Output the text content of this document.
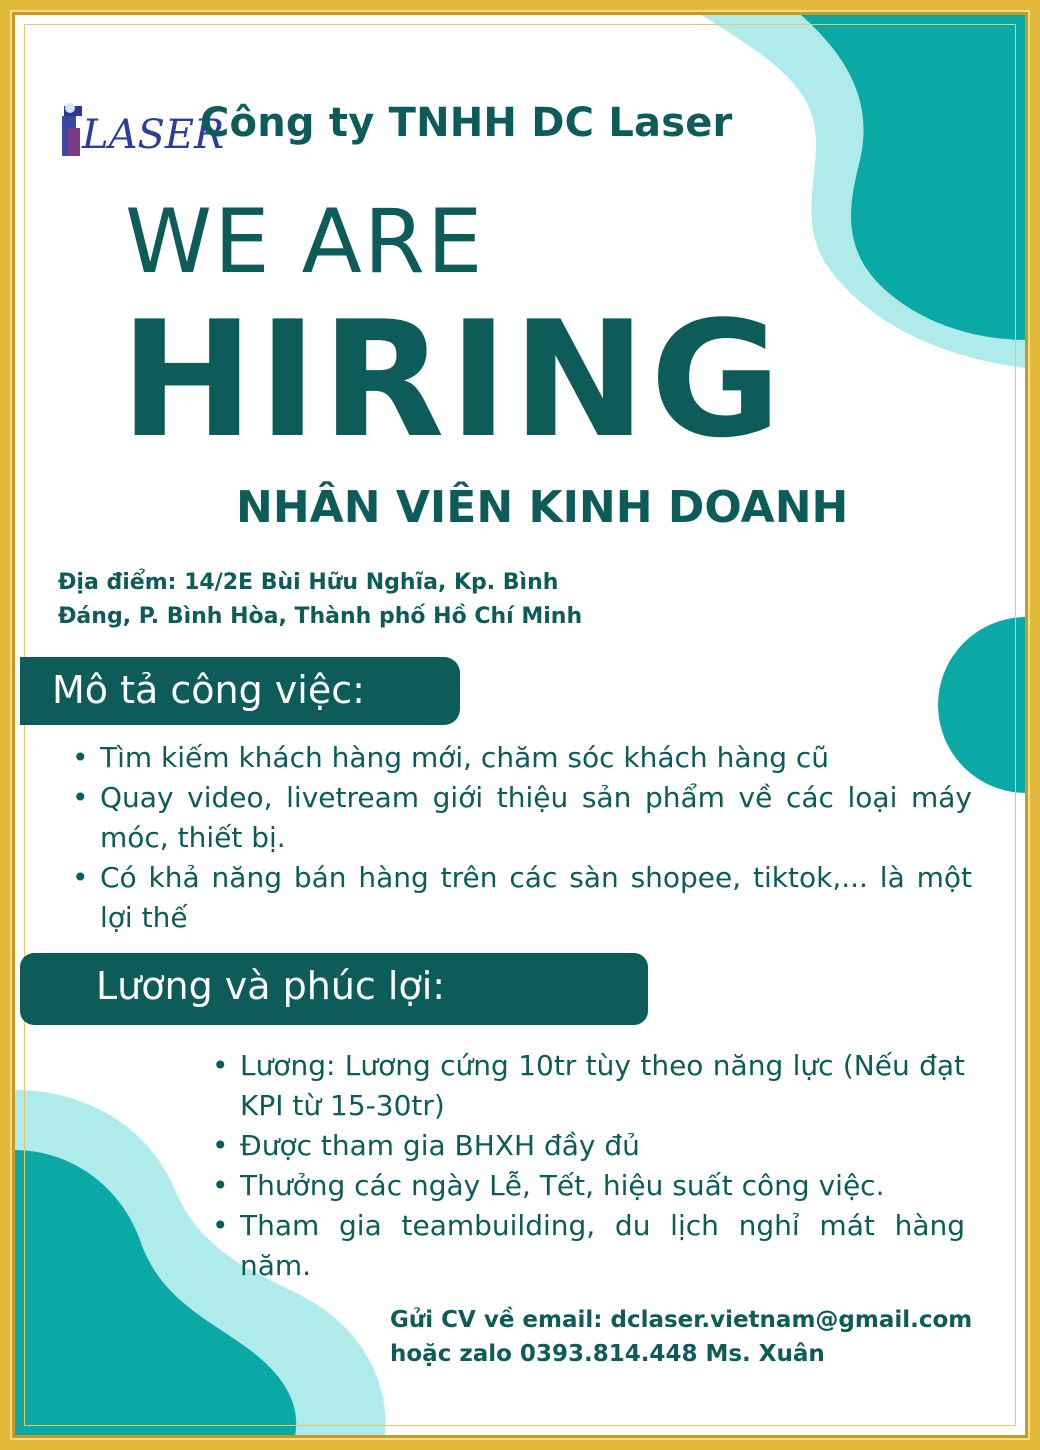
LASER
Công ty TNHH DC Laser
WE ARE
HIRING
NHÂN VIÊN KINH DOANH
Địa điểm: 14/2E Bùi Hữu Nghĩa, Kp. Bình
Đáng, P. Bình Hòa, Thành phố Hồ Chí Minh
Mô tả công việc:
• Tìm kiếm khách hàng mới, chăm sóc khách hàng cũ
• Quay video, livetream giới thiệu sản phẩm về các loại máy móc, thiết bị.
• Có khả năng bán hàng trên các sàn shopee, tiktok,... là một lợi thế
Lương và phúc lợi:
• Lương: Lương cứng 10tr tùy theo năng lực (Nếu đạt KPI từ 15-30tr)
• Được tham gia BHXH đầy đủ
• Thưởng các ngày Lễ, Tết, hiệu suất công việc.
• Tham gia teambuilding, du lịch nghỉ mát hàng năm.
Gửi CV về email: dclaser.vietnam@gmail.com
hoặc zalo 0393.814.448 Ms. Xuân
